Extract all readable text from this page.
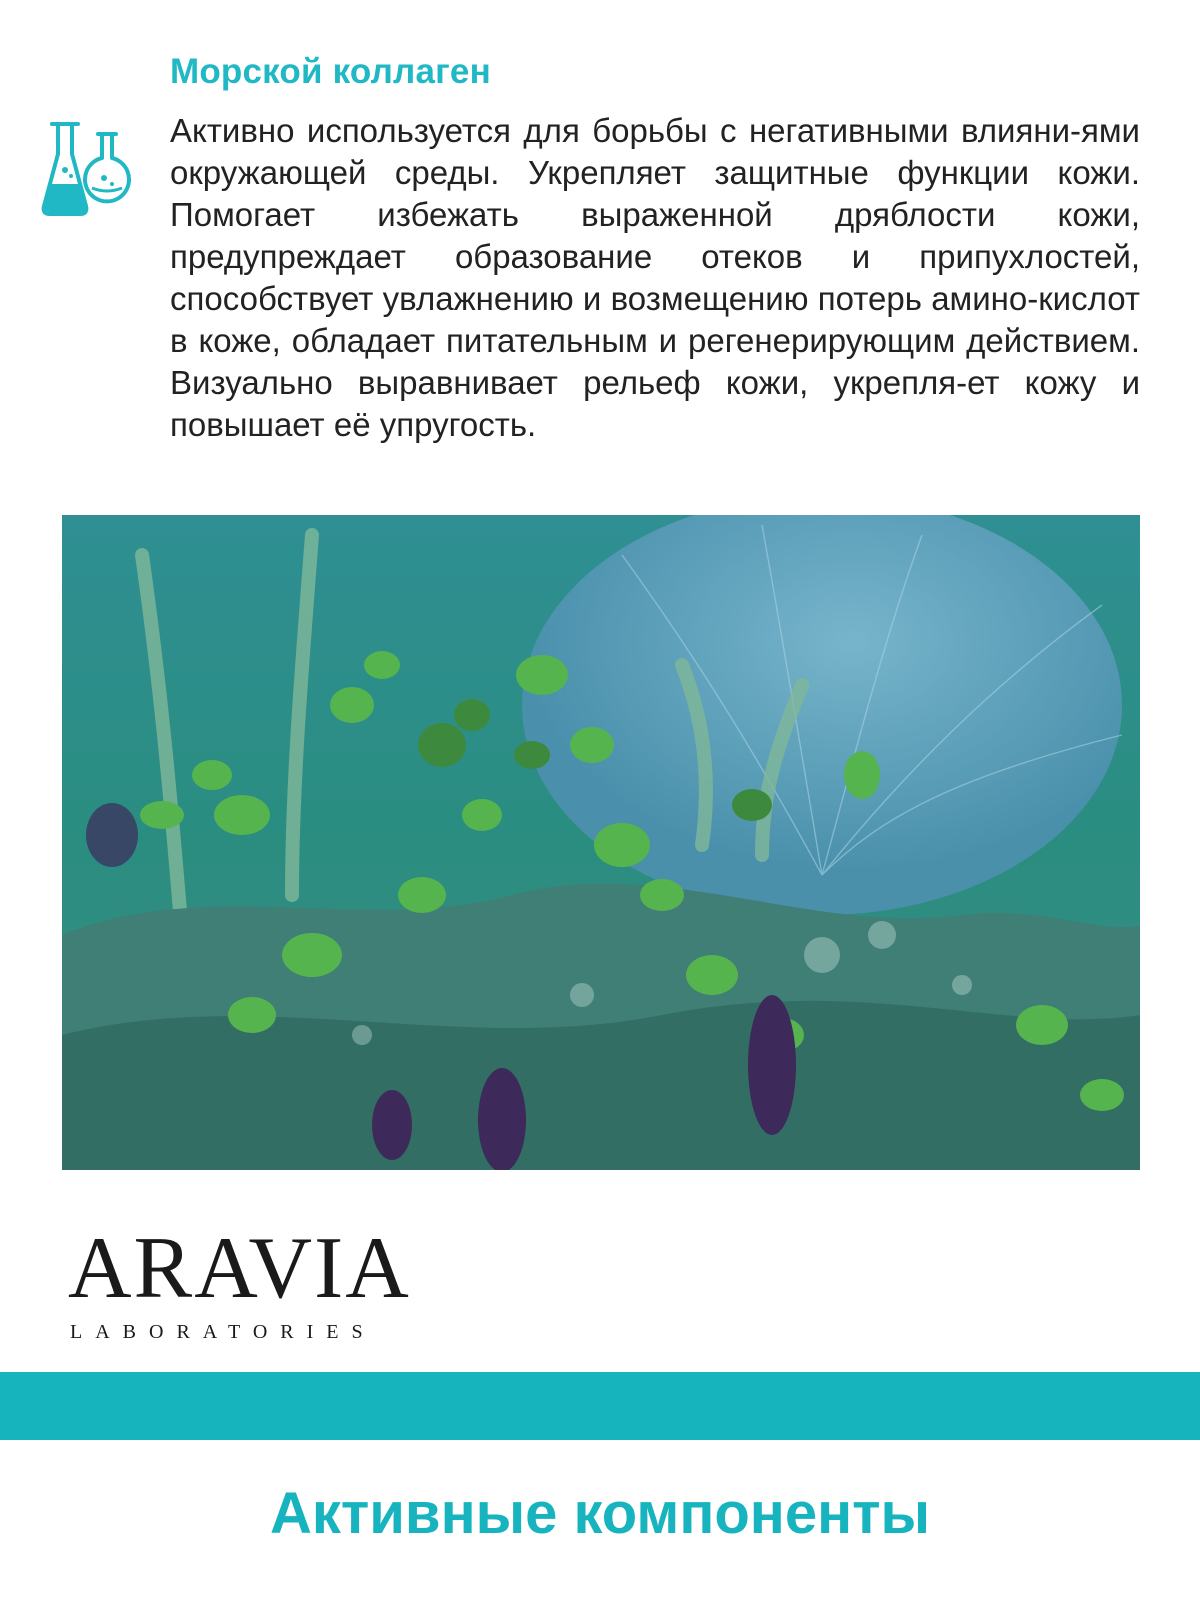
Морской коллаген

Активно используется для борьбы с негативными влияни-ями окружающей среды. Укрепляет защитные функции кожи. Помогает избежать выраженной дряблости кожи, предупреждает образование отеков и припухлостей, способствует увлажнению и возмещению потерь амино-кислот в коже, обладает питательным и регенерирующим действием. Визуально выравнивает рельеф кожи, укрепля-ет кожу и повышает её упругость.

ARAVIA
LABORATORIES
Активные компоненты
